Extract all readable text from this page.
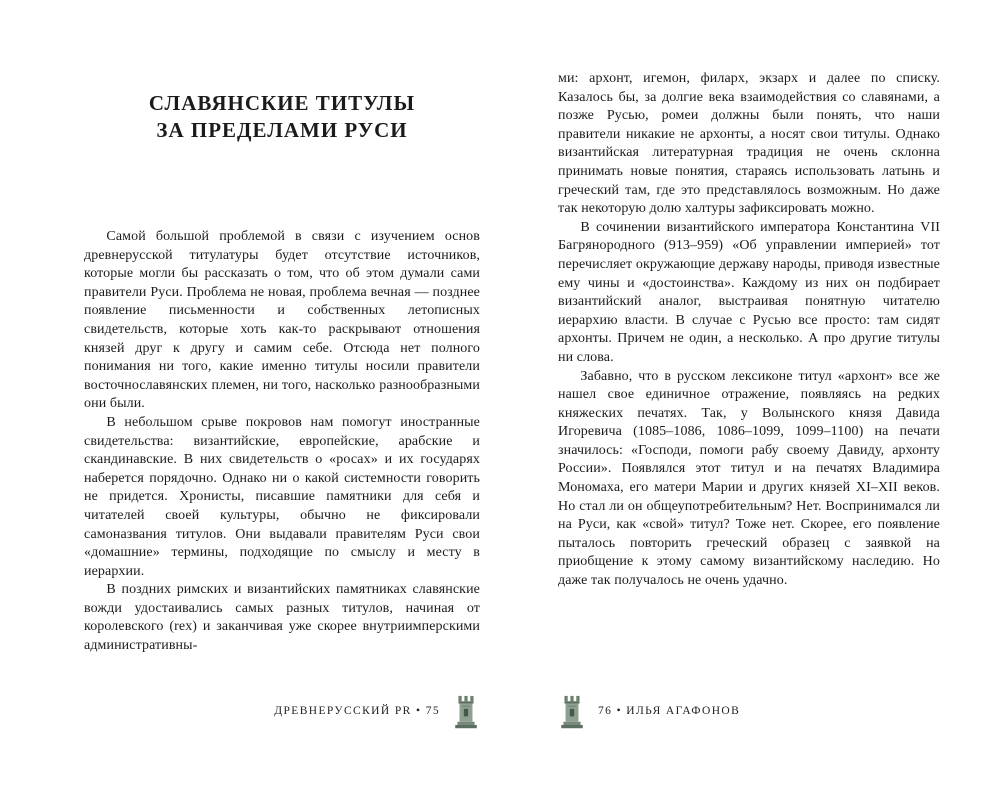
СЛАВЯНСКИЕ ТИТУЛЫ
ЗА ПРЕДЕЛАМИ РУСИ

Самой большой проблемой в связи с изучением основ древнерусской титулатуры будет отсутствие источников, которые могли бы рассказать о том, что об этом думали сами правители Руси. Проблема не новая, проблема вечная — позднее появление письменности и собственных летописных свидетельств, которые хоть как-то раскрывают отношения князей друг к другу и самим себе. Отсюда нет полного понимания ни того, какие именно титулы носили правители восточнославянских племен, ни того, насколько разнообразными они были.

В небольшом срыве покровов нам помогут иностранные свидетельства: византийские, европейские, арабские и скандинавские. В них свидетельств о «росах» и их государях наберется порядочно. Однако ни о какой системности говорить не придется. Хронисты, писавшие памятники для себя и читателей своей культуры, обычно не фиксировали самоназвания титулов. Они выдавали правителям Руси свои «домашние» термины, подходящие по смыслу и месту в иерархии.

В поздних римских и византийских памятниках славянские вожди удостаивались самых разных титулов, начиная от королевского (rex) и заканчивая уже скорее внутриимперскими административны-

ДРЕВНЕРУССКИЙ PR • 75

ми: архонт, игемон, филарх, экзарх и далее по списку. Казалось бы, за долгие века взаимодействия со славянами, а позже Русью, ромеи должны были понять, что наши правители никакие не архонты, а носят свои титулы. Однако византийская литературная традиция не очень склонна принимать новые понятия, стараясь использовать латынь и греческий там, где это представлялось возможным. Но даже так некоторую долю халтуры зафиксировать можно.

В сочинении византийского императора Константина VII Багрянородного (913–959) «Об управлении империей» тот перечисляет окружающие державу народы, приводя известные ему чины и «достоинства». Каждому из них он подбирает византийский аналог, выстраивая понятную читателю иерархию власти. В случае с Русью все просто: там сидят архонты. Причем не один, а несколько. А про другие титулы ни слова.

Забавно, что в русском лексиконе титул «архонт» все же нашел свое единичное отражение, появляясь на редких княжеских печатях. Так, у Волынского князя Давида Игоревича (1085–1086, 1086–1099, 1099–1100) на печати значилось: «Господи, помоги рабу своему Давиду, архонту России». Появлялся этот титул и на печатях Владимира Мономаха, его матери Марии и других князей XI–XII веков. Но стал ли он общеупотребительным? Нет. Воспринимался ли на Руси, как «свой» титул? Тоже нет. Скорее, его появление пыталось повторить греческий образец с заявкой на приобщение к этому самому византийскому наследию. Но даже так получалось не очень удачно.

76 • ИЛЬЯ АГАФОНОВ
